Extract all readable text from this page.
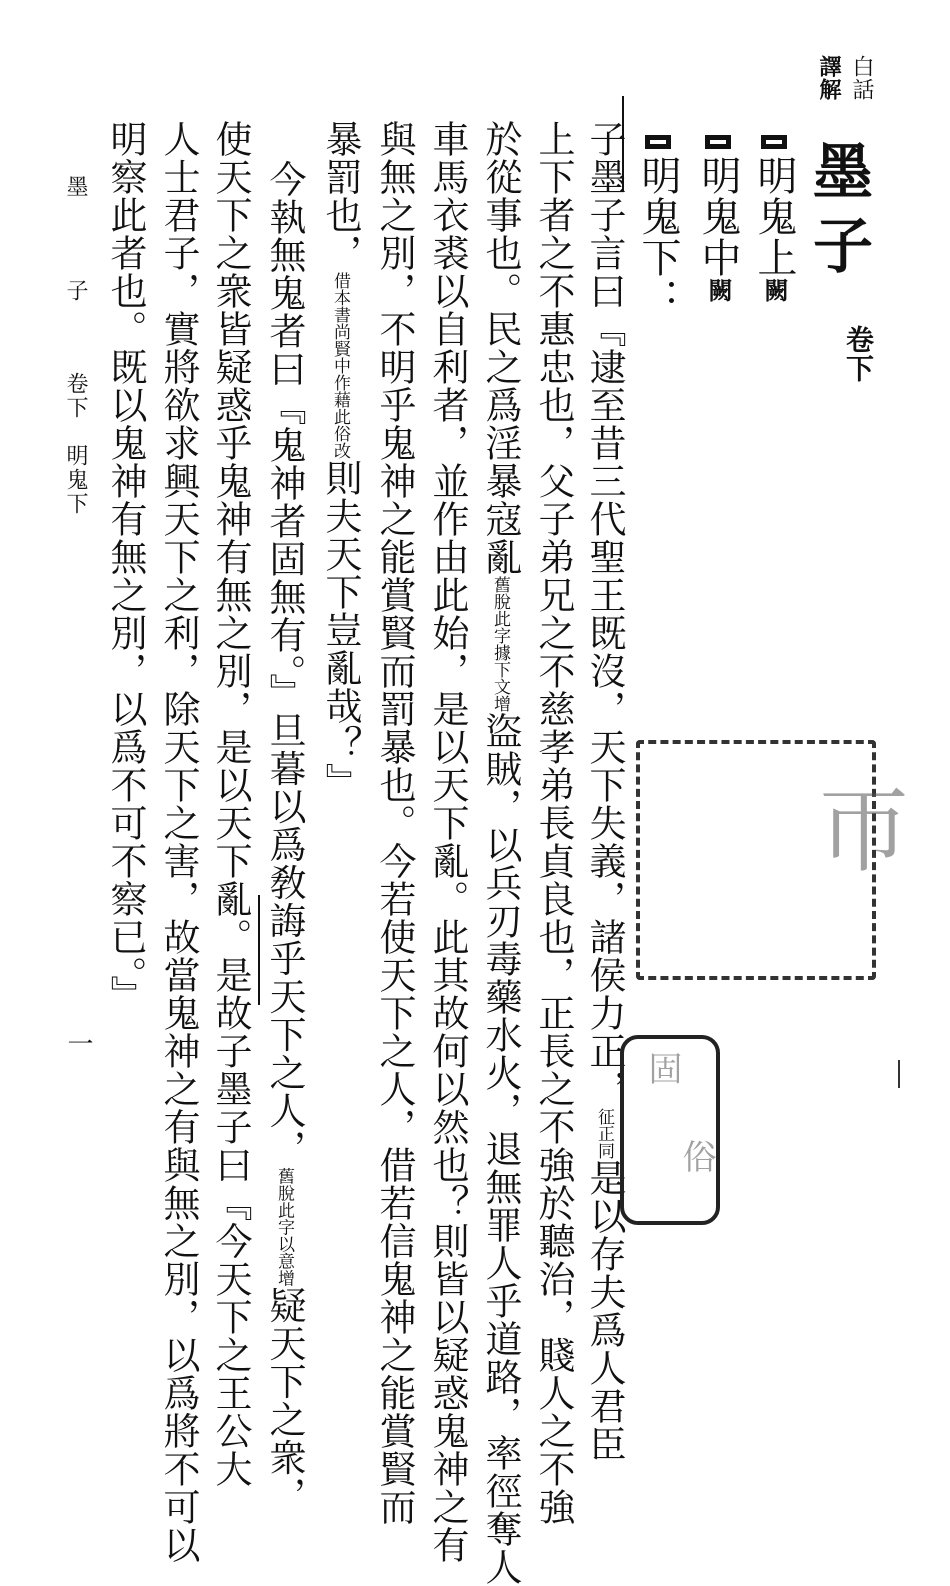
白話
譯解
墨子
卷下
明鬼上闕
明鬼中闕
明鬼下：
子墨子言曰『逮至昔三代聖王既沒，天下失義，諸侯力正，征正同是以存夫爲人君臣
上下者之不惠忠也，父子弟兄之不慈孝弟長貞良也，正長之不強於聽治，賤人之不強
於從事也。民之爲淫暴寇亂舊脫此字據下文增盜賊，以兵刃毒藥水火，退無罪人乎道路，率徑奪人
車馬衣裘以自利者，並作由此始，是以天下亂。此其故何以然也？則皆以疑惑鬼神之有
與無之別，不明乎鬼神之能賞賢而罰暴也。今若使天下之人，借若信鬼神之能賞賢而
暴罰也，借本書尚賢中作藉此俗改則夫天下豈亂哉？』
今執無鬼者曰『鬼神者固無有。』旦暮以爲敎誨乎天下之人，舊脫此字以意增疑天下之衆，
使天下之衆皆疑惑乎鬼神有無之別，是以天下亂。是故子墨子曰『今天下之王公大
人士君子，實將欲求興天下之利，除天下之害，故當鬼神之有與無之別，以爲將不可以
明察此者也。既以鬼神有無之別，以爲不可不察已。』	帀
固
俗
墨　子
卷下　明鬼下
一
